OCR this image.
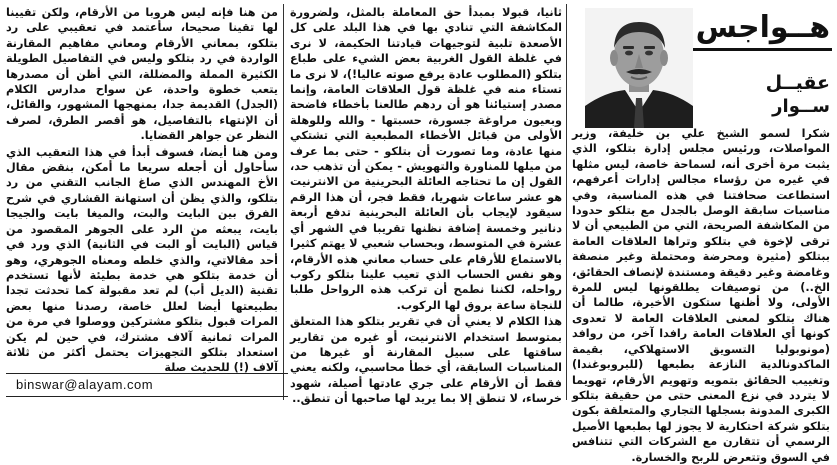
هــواجس
عقيــل
ســوار

شكرا لسمو الشيخ علي بن خليفة، وزير المواصلات، ورئيس مجلس إدارة بتلكو، الذي يثبت مرة أخرى أنه، لسماحة خاصة، ليس مثلها في غيره من رؤساء مجالس إدارات أعرفهم، استطاعت صحافتنا في هذه المناسبة، وفي مناسبات سابقة الوصل بالجدل مع بتلكو حدودا من المكاشفة الصريحة، التي من الطبيعي أن لا ترقى لإخوة في بتلكو وتراها العلاقات العامة ببتلكو (مثيرة ومحرضة ومحتملة وغير منصفة وغامضة وغير دقيقة ومستندة لإنصاف الحقائق، الخ..) من توصيفات يطلقونها ليس للمرة الأولى، ولا أظنها ستكون الأخيرة، طالما أن هناك بتلكو لمعنى العلاقات العامة لا تعدوى كونها أي العلاقات العامة رافدا آخر، من روافد (مونوبوليا التسويق الاستهلاكي، بقيمة الماكدونالدية النازعة بطبعها (للبروبوغندا) وتغييب الحقائق بتمويه وتهويم الأرقام، تهويما لا يتردد في نزع المعنى حتى من حقيقة بتلكو الكبرى المدونة بسجلها التجاري والمتعلقة بكون بتلكو شركة احتكارية لا يجوز لها بطبعها الأصيل الرسمي أن تتقارن مع الشركات التي تتنافس في السوق وتتعرض للربح والخسارة.

ثانيا، قبولا بمبدأ حق المعاملة بالمثل، ولضرورة المكاشفة التي تنادي بها في هذا البلد على كل الأصعدة تلبية لتوجيهات قيادتنا الحكيمة، لا نرى في غلظة القول الغربية بعض الشيء على طباع بتلكو (المطلوب عادة يرفع صوته عاليا!)، لا نرى ما تستاء منه في غلظة قول العلاقات العامة، وإنما مصدر إستيائنا هو أن ردهم طالعنا بأخطاء فاضحة وبعيون مراوغة جسورة، حسبتها - والله وللوهلة الأولى من قبائل الأخطاء المطبعية التي تشتكي منها عادة، وما تصورت أن بتلكو - حتى بما عرف من ميلها للمناورة والتهويش - يمكن أن تذهب حد، القول إن ما تحتاجه العائلة البحرينية من الانترنيت هو عشر ساعات شهريا، فقط فجر، أن هذا الرقم سيقود لإيجاب بأن العائلة البحرينية تدفع أربعة دنانير وخمسة إضافة نظنها تقريبا في الشهر أي عشرة في المتوسط، وبحساب شعبي لا يهتم كثيرا بالاستماع للأرقام على حساب معاني هذه الأرقام، وهو نفس الحساب الذي تعيب علينا بتلكو ركوب رواحله، لكننا نطمح أن تركب هذه الرواحل طلبا للنجاة ساعة بروق لها الركوب.

هذا الكلام لا يعني أن في تقرير بتلكو هذا المتعلق بمتوسط استخدام الانترنيت، أو غيره من تقارير ساقتها على سبيل المقارنة أو غيرها من المناسبات السابقة، أي خطأ محاسبي، ولكنه يعني فقط أن الأرقام على جري عادتها أصيلة، شهود خرساء، لا تنطق إلا بما يريد لها صاحبها أن تنطق..

من هنا فإنه ليس هروبا من الأرقام، ولكن تقيينا لها تقينا صحيحا، سأعتمد في تعقيبي على رد بتلكو، بمعاني الأرقام ومعاني مفاهيم المقارنة الواردة في رد بتلكو وليس في التفاصيل الطويلة الكثيرة المملة والمضللة، التي أظن أن مصدرها يتعب خطوة واحدة، عن سواح مدارس الكلام (الجدل) القديمة جدا، بمنهجها المشهور، والقائل، أن الإنتهاء بالتفاصيل، هو أقصر الطرق، لصرف النظر عن جواهر القضايا.

ومن هنا أيضا، فسوف أبدأ في هذا التعقيب الذي سأحاول أن أجعله سريعا ما أمكن، بنقض مقال الأخ المهندس الذي صاغ الجانب التقني من رد بتلكو، والذي يظن أن استهانة القشاري في شرح الفرق بين البايت والبت، والميغا بايت والجيجا بايت، يبعثه من الرد على الجوهر المقصود من قياس (البايت أو البت في الثانية) الذي ورد في أحد مقالاتي، والذي خلطه ومعناه الجوهري، وهو أن خدمة بتلكو هي خدمة بطيئة لأنها تستخدم تقنية (الديل أب) لم تعد مقبولة كما تحدثت تجدا بطبيعتها أيضا لعلل خاصة، رصدنا منها بعض المرات قبول بتلكو مشتركين ووصلوا في مرة من المرات ثمانية آلاف مشترك، في حين لم يكن استعداد بتلكو التجهيزات يحتمل أكثر من ثلاثة آلاف (!) للحديث صلة

binswar@alayam.com
